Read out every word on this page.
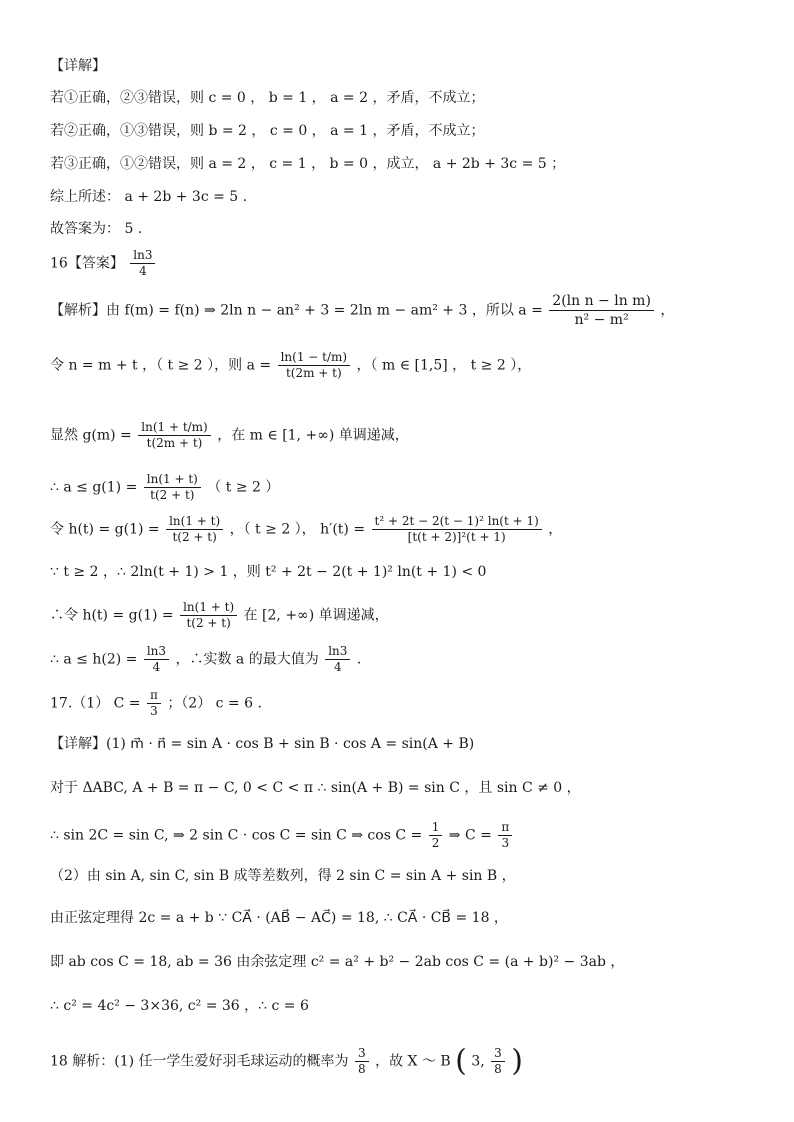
【详解】
若①正确，②③错误，则 c = 0 ， b = 1 ， a = 2 ，矛盾，不成立；
若②正确，①③错误，则 b = 2 ， c = 0 ， a = 1 ，矛盾，不成立；
若③正确，①②错误，则 a = 2 ， c = 1 ， b = 0 ，成立， a + 2b + 3c = 5 ；
综上所述： a + 2b + 3c = 5 .
故答案为： 5 .
16【答案】 $\frac{\ln 3}{4}$
【解析】由 f(m) = f(n) ⇒ 2ln n − an² + 3 = 2ln m − am² + 3 ，所以 $a = \frac{\text{2(ln n − ln m)}}{\text{n² − m²}}$ ，
令 n = m + t ，（ t ≥ 2 ），则 $a = \frac{\ln(1 - t/m)}{t(2m + t)}$ ，（ m ∈ [1,5] ， t ≥ 2 ），
显然 $g(m) = \frac{\ln(1 + t/m)}{t(2m + t)}$ ，在 m ∈ [1, +∞) 单调递减，
∴ $a \le g(1) = \frac{\ln(1 + t)}{t(2 + t)}$ （ t ≥ 2 ）
令 $h(t) = g(1) = \frac{\ln(1 + t)}{t(2 + t)}$ ，（ t ≥ 2 ）， $h'(t) = \frac{\text{t² + 2t − 2(t − 1)² ln(t + 1)}}{\text{[t(t + 2)]²(t + 1)}}$ ，
∵ t ≥ 2 ，∴ 2ln(t + 1) > 1 ，则 t² + 2t − 2(t + 1)² ln(t + 1) < 0
∴令 $h(t) = g(1) = \frac{\ln(1 + t)}{t(2 + t)}$ 在 [2, +∞) 单调递减，
∴ $a \le h(2) = \frac{\ln 3}{4}$ ，∴实数 a 的最大值为 $\frac{\ln 3}{4}$ .
17.（1） $C = \frac{\pi}{3}$ ；（2） c = 6 .
【详解】(1) m⃗ · n⃗ = sin A · cos B + sin B · cos A = sin(A + B)
对于 ΔABC, A + B = π − C, 0 < C < π ∴ sin(A + B) = sin C ，且 sin C ≠ 0 ，
∴ sin 2C = sin C, ⇒ 2 sin C · cos C = sin C ⇒ $\cos C = \frac{1}{2}$ ⇒ $C = \frac{\pi}{3}$
（2）由 sin A, sin C, sin B 成等差数列，得 2 sin C = sin A + sin B ，
由正弦定理得 2c = a + b ∵ CA⃗ · (AB⃗ − AC⃗) = 18, ∴ CA⃗ · CB⃗ = 18 ，
即 ab cos C = 18, ab = 36 由余弦定理 c² = a² + b² − 2ab cos C = (a + b)² − 3ab ，
∴ c² = 4c² − 3×36, c² = 36 ，∴ c = 6
18 解析：(1) 任一学生爱好羽毛球运动的概率为 $\frac{3}{8}$ ，故 X ～ B ( 3, $\frac{3}{8}$ )
